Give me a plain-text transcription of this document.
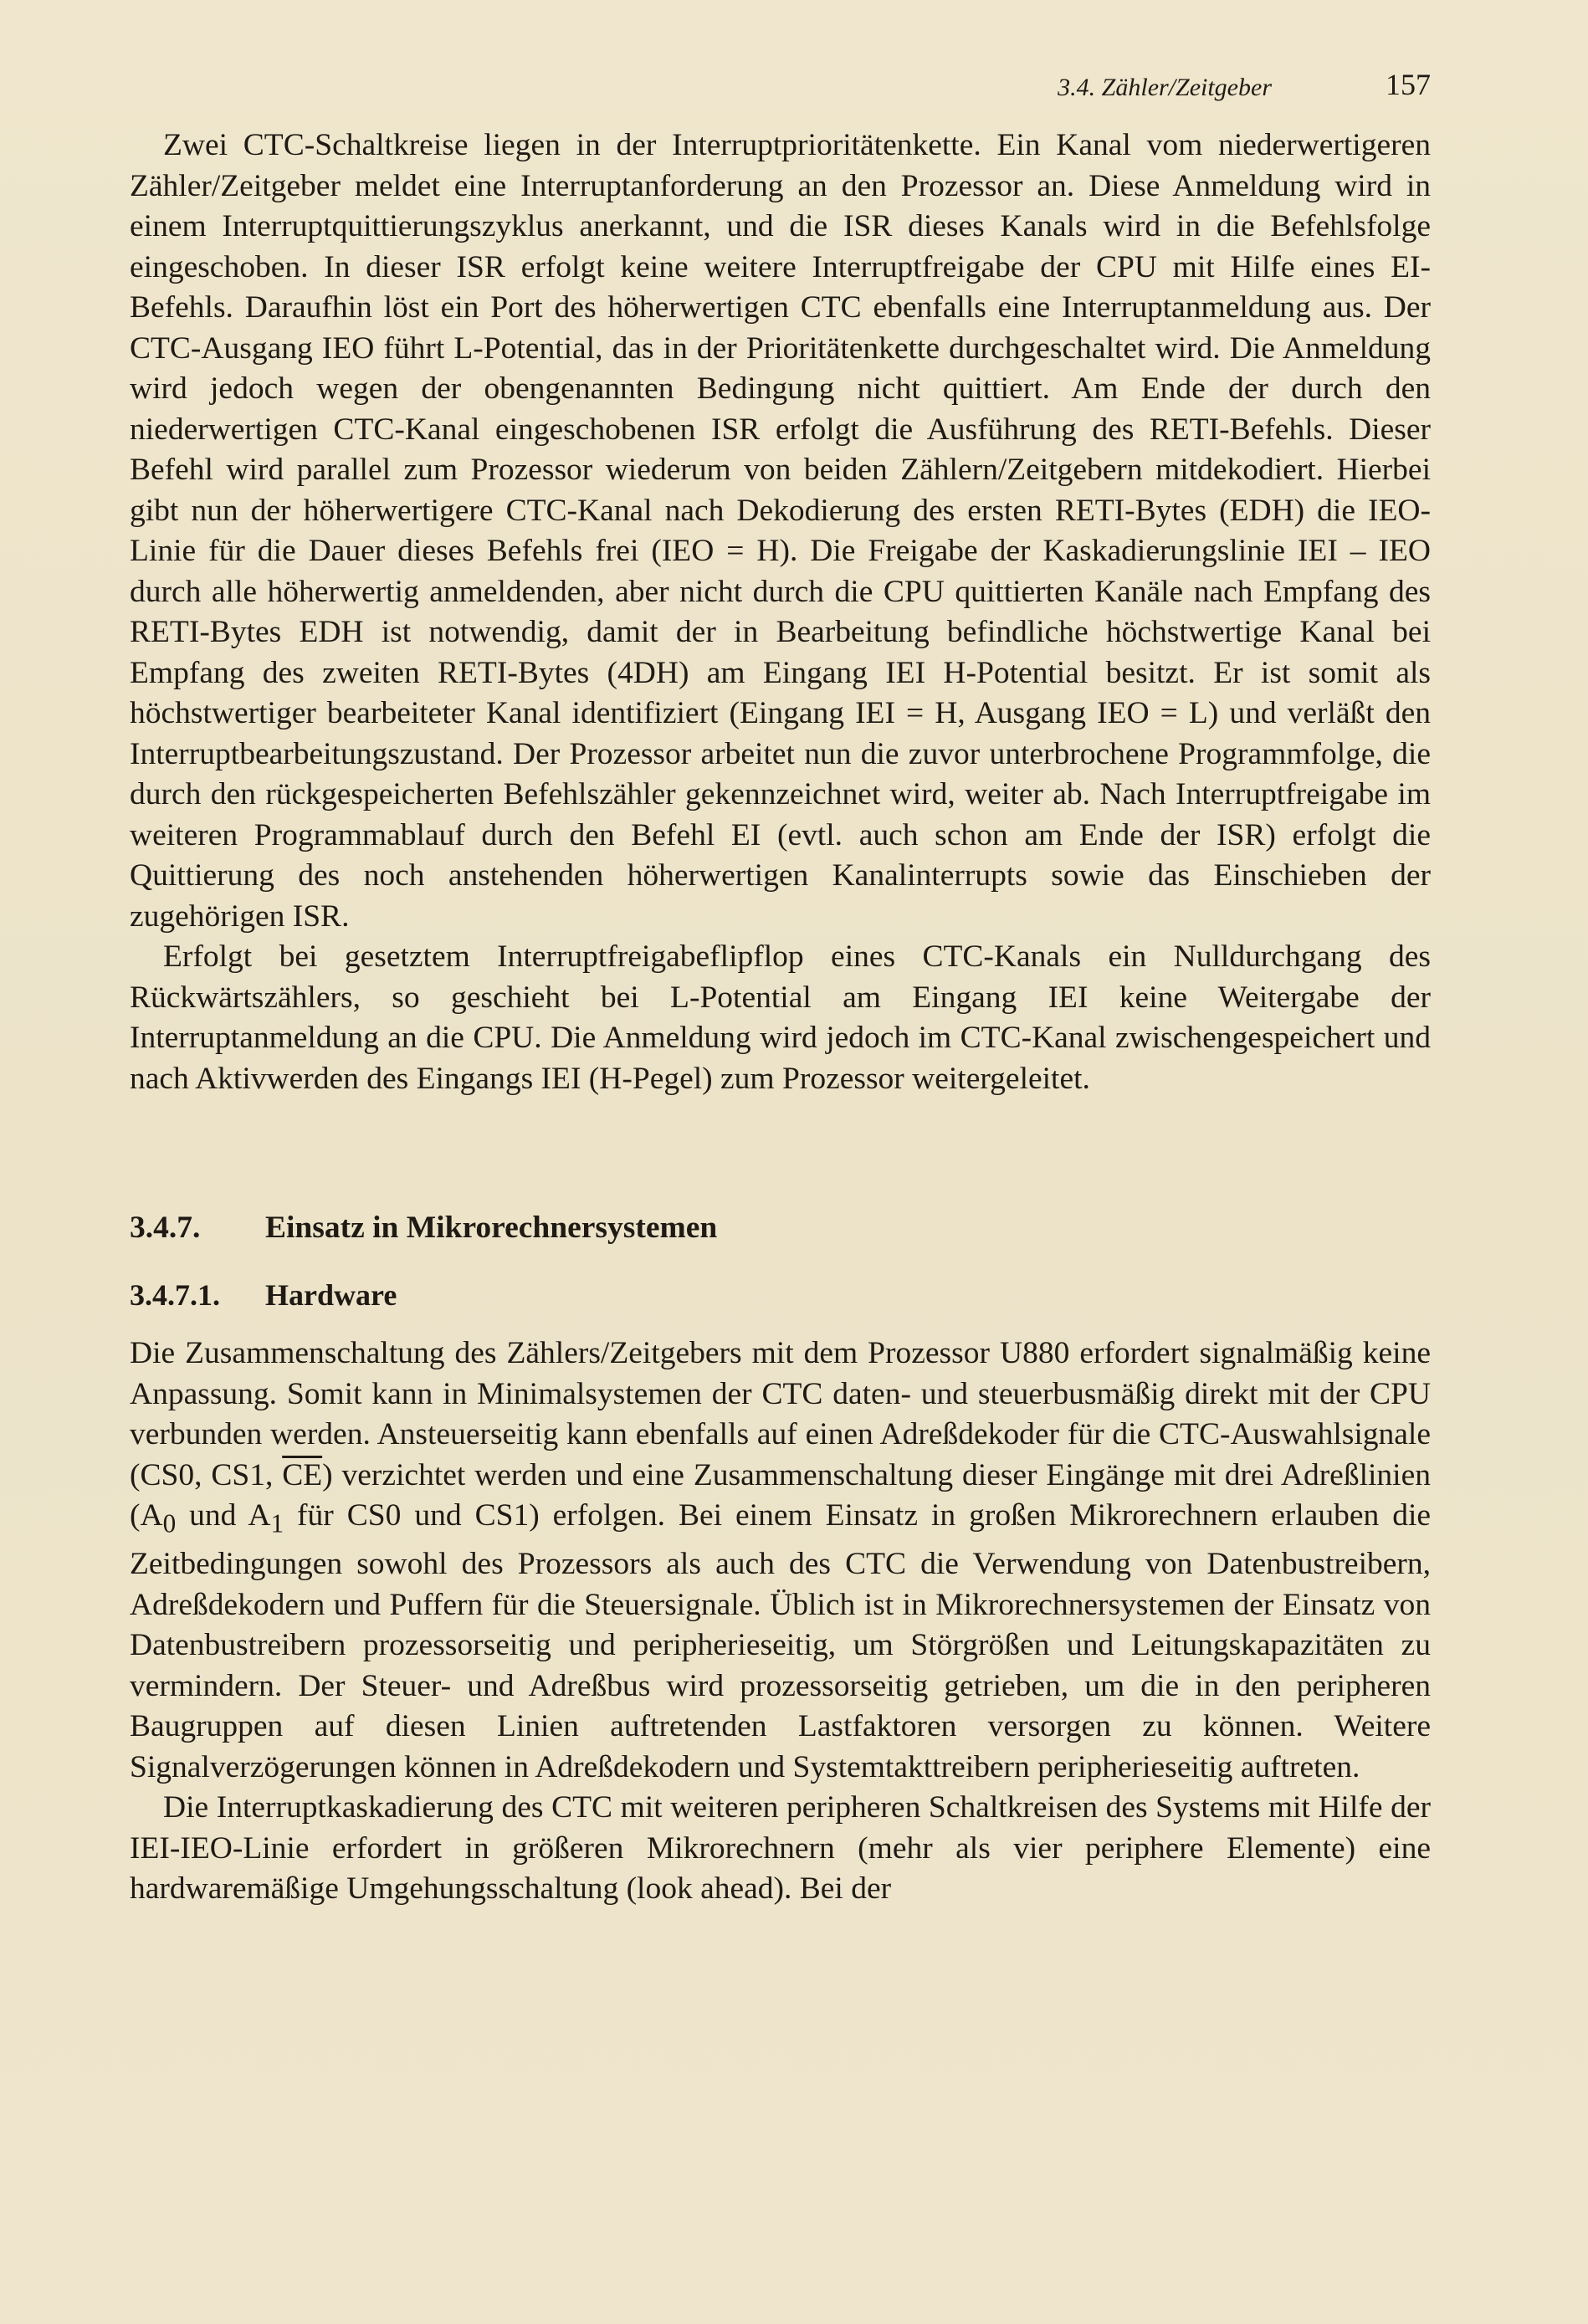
3.4. Zähler/Zeitgeber	157

Zwei CTC-Schaltkreise liegen in der Interruptprioritätenkette. Ein Kanal vom niederwertigeren Zähler/Zeitgeber meldet eine Interruptanforderung an den Prozessor an. Diese Anmeldung wird in einem Interruptquittierungszyklus anerkannt, und die ISR dieses Kanals wird in die Befehlsfolge eingeschoben. In dieser ISR erfolgt keine weitere Interruptfreigabe der CPU mit Hilfe eines EI-Befehls. Daraufhin löst ein Port des höherwertigen CTC ebenfalls eine Interruptanmeldung aus. Der CTC-Ausgang IEO führt L-Potential, das in der Prioritätenkette durchgeschaltet wird. Die Anmeldung wird jedoch wegen der obengenannten Bedingung nicht quittiert. Am Ende der durch den niederwertigen CTC-Kanal eingeschobenen ISR erfolgt die Ausführung des RETI-Befehls. Dieser Befehl wird parallel zum Prozessor wiederum von beiden Zählern/Zeitgebern mitdekodiert. Hierbei gibt nun der höherwertigere CTC-Kanal nach Dekodierung des ersten RETI-Bytes (EDH) die IEO-Linie für die Dauer dieses Befehls frei (IEO = H). Die Freigabe der Kaskadierungslinie IEI – IEO durch alle höherwertig anmeldenden, aber nicht durch die CPU quittierten Kanäle nach Empfang des RETI-Bytes EDH ist notwendig, damit der in Bearbeitung befindliche höchstwertige Kanal bei Empfang des zweiten RETI-Bytes (4DH) am Eingang IEI H-Potential besitzt. Er ist somit als höchstwertiger bearbeiteter Kanal identifiziert (Eingang IEI = H, Ausgang IEO = L) und verläßt den Interruptbearbeitungszustand. Der Prozessor arbeitet nun die zuvor unterbrochene Programmfolge, die durch den rückgespeicherten Befehlszähler gekennzeichnet wird, weiter ab. Nach Interruptfreigabe im weiteren Programmablauf durch den Befehl EI (evtl. auch schon am Ende der ISR) erfolgt die Quittierung des noch anstehenden höherwertigen Kanalinterrupts sowie das Einschieben der zugehörigen ISR.

Erfolgt bei gesetztem Interruptfreigabeflipflop eines CTC-Kanals ein Nulldurchgang des Rückwärtszählers, so geschieht bei L-Potential am Eingang IEI keine Weitergabe der Interruptanmeldung an die CPU. Die Anmeldung wird jedoch im CTC-Kanal zwischengespeichert und nach Aktivwerden des Eingangs IEI (H-Pegel) zum Prozessor weitergeleitet.

3.4.7. Einsatz in Mikrorechnersystemen
3.4.7.1. Hardware

Die Zusammenschaltung des Zählers/Zeitgebers mit dem Prozessor U880 erfordert signalmäßig keine Anpassung. Somit kann in Minimalsystemen der CTC daten- und steuerbusmäßig direkt mit der CPU verbunden werden. Ansteuerseitig kann ebenfalls auf einen Adreßdekoder für die CTC-Auswahlsignale (CS0, CS1, $\overline{CE}$) verzichtet werden und eine Zusammenschaltung dieser Eingänge mit drei Adreßlinien ($A_0$ und $A_1$ für CS0 und CS1) erfolgen. Bei einem Einsatz in großen Mikrorechnern erlauben die Zeitbedingungen sowohl des Prozessors als auch des CTC die Verwendung von Datenbustreibern, Adreßdekodern und Puffern für die Steuersignale. Üblich ist in Mikrorechnersystemen der Einsatz von Datenbustreibern prozessorseitig und peripherieseitig, um Störgrößen und Leitungskapazitäten zu vermindern. Der Steuer- und Adreßbus wird prozessorseitig getrieben, um die in den peripheren Baugruppen auf diesen Linien auftretenden Lastfaktoren versorgen zu können. Weitere Signalverzögerungen können in Adreßdekodern und Systemtakttreibern peripherieseitig auftreten.

Die Interruptkaskadierung des CTC mit weiteren peripheren Schaltkreisen des Systems mit Hilfe der IEI-IEO-Linie erfordert in größeren Mikrorechnern (mehr als vier periphere Elemente) eine hardwaremäßige Umgehungsschaltung (look ahead). Bei der
